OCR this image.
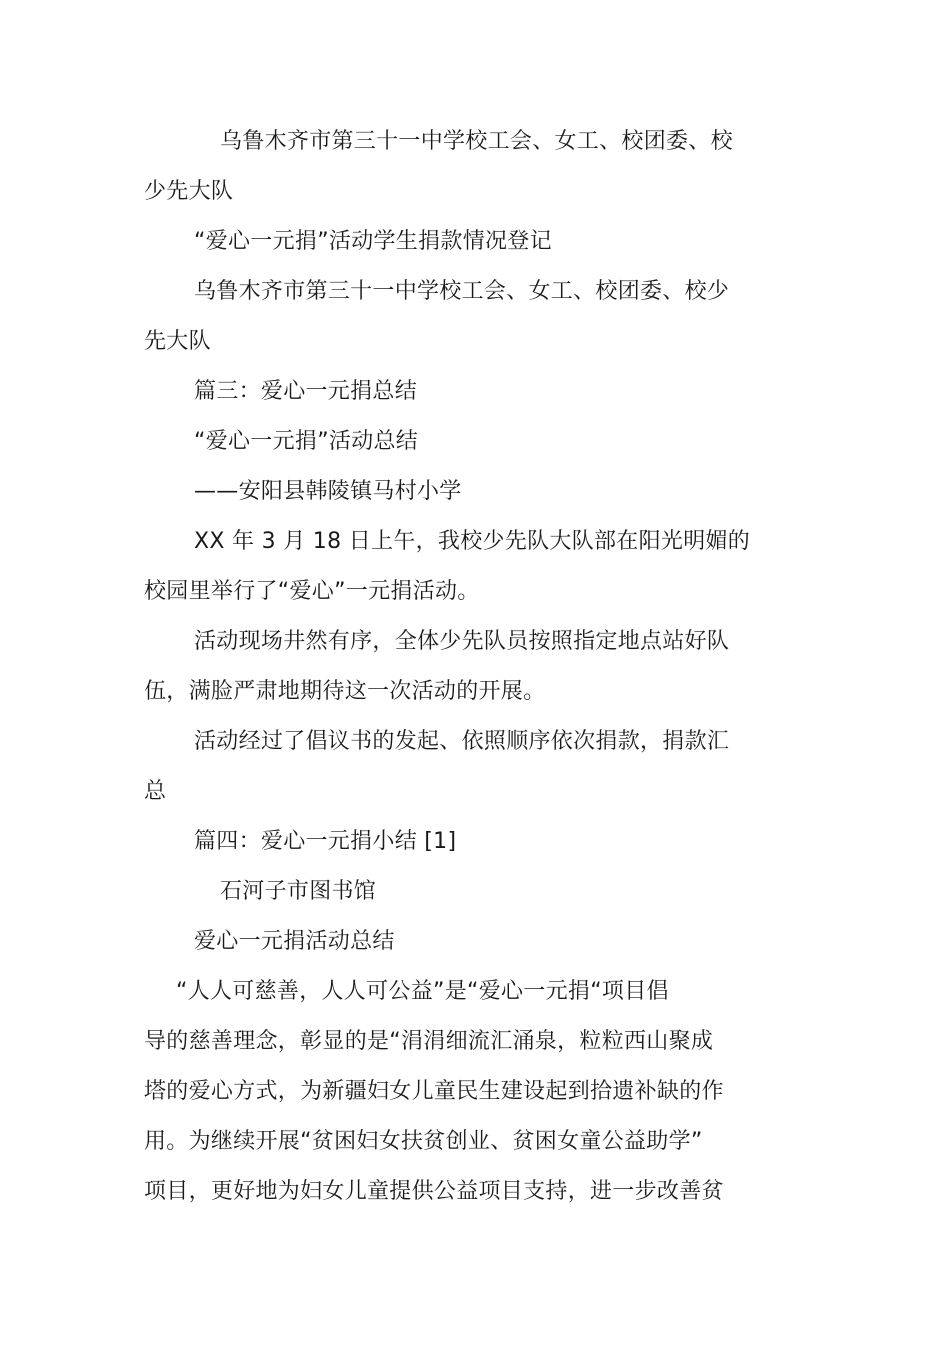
乌鲁木齐市第三十一中学校工会、女工、校团委、校
少先大队
“爱心一元捐”活动学生捐款情况登记
乌鲁木齐市第三十一中学校工会、女工、校团委、校少
先大队
篇三：爱心一元捐总结
“爱心一元捐”活动总结
——安阳县韩陵镇马村小学
XX 年 3 月 18 日上午，我校少先队大队部在阳光明媚的
校园里举行了“爱心”一元捐活动。
活动现场井然有序，全体少先队员按照指定地点站好队
伍，满脸严肃地期待这一次活动的开展。
活动经过了倡议书的发起、依照顺序依次捐款，捐款汇
总
篇四：爱心一元捐小结 [1]
石河子市图书馆
爱心一元捐活动总结
“人人可慈善，人人可公益”是“爱心一元捐“项目倡
导的慈善理念，彰显的是“涓涓细流汇涌泉，粒粒西山聚成
塔的爱心方式，为新疆妇女儿童民生建设起到拾遗补缺的作
用。为继续开展“贫困妇女扶贫创业、贫困女童公益助学”
项目，更好地为妇女儿童提供公益项目支持，进一步改善贫
